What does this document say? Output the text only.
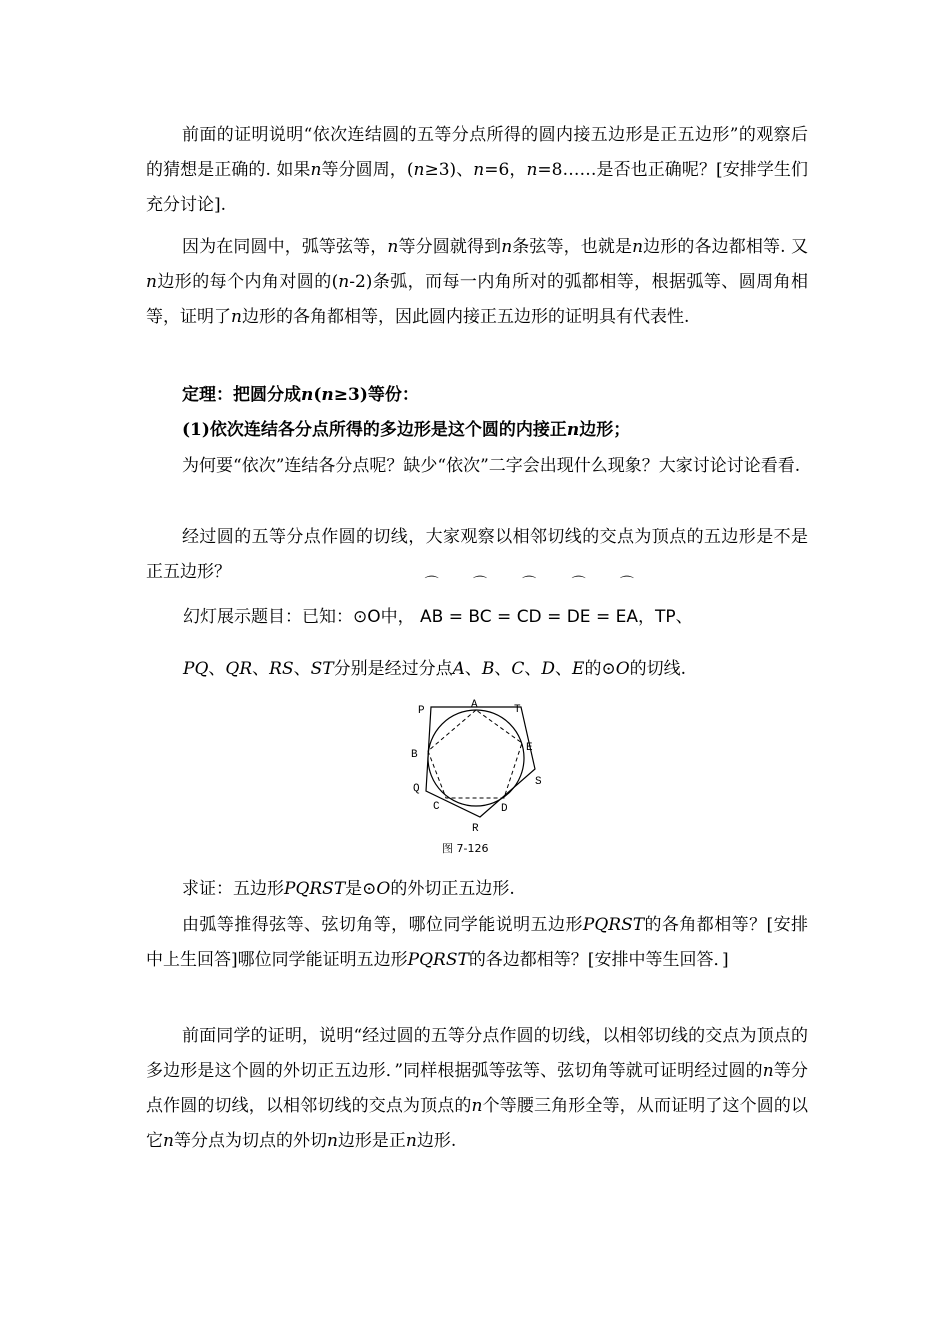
前面的证明说明“依次连结圆的五等分点所得的圆内接五边形是正五边形”的观察后的猜想是正确的. 如果n等分圆周，(n≥3)、n=6，n=8……是否也正确呢？[安排学生们充分讨论].

因为在同圆中，弧等弦等，n等分圆就得到n条弦等，也就是n边形的各边都相等. 又n边形的每个内角对圆的(n-2)条弧，而每一内角所对的弧都相等，根据弧等、圆周角相等，证明了n边形的各角都相等，因此圆内接正五边形的证明具有代表性.

定理：把圆分成n(n≥3)等份：

(1)依次连结各分点所得的多边形是这个圆的内接正n边形；

为何要“依次”连结各分点呢？缺少“依次”二字会出现什么现象？大家讨论讨论看看.

经过圆的五等分点作圆的切线，大家观察以相邻切线的交点为顶点的五边形是不是正五边形？

幻灯展示题目：已知：⊙O中， ⌒ AB = ⌒ BC = ⌒ CD = ⌒ DE = ⌒ EA，TP、
PQ、QR、RS、ST分别是经过分点A、B、C、D、E的⊙O的切线.
P	A	T
B
E
S
Q
C	D
R
图 7-126

求证：五边形PQRST是⊙O的外切正五边形.

由弧等推得弦等、弦切角等，哪位同学能说明五边形PQRST的各角都相等？[安排中上生回答]哪位同学能证明五边形PQRST的各边都相等？[安排中等生回答．]

前面同学的证明，说明“经过圆的五等分点作圆的切线，以相邻切线的交点为顶点的多边形是这个圆的外切正五边形．”同样根据弧等弦等、弦切角等就可证明经过圆的n等分点作圆的切线，以相邻切线的交点为顶点的n个等腰三角形全等，从而证明了这个圆的以它n等分点为切点的外切n边形是正n边形.
